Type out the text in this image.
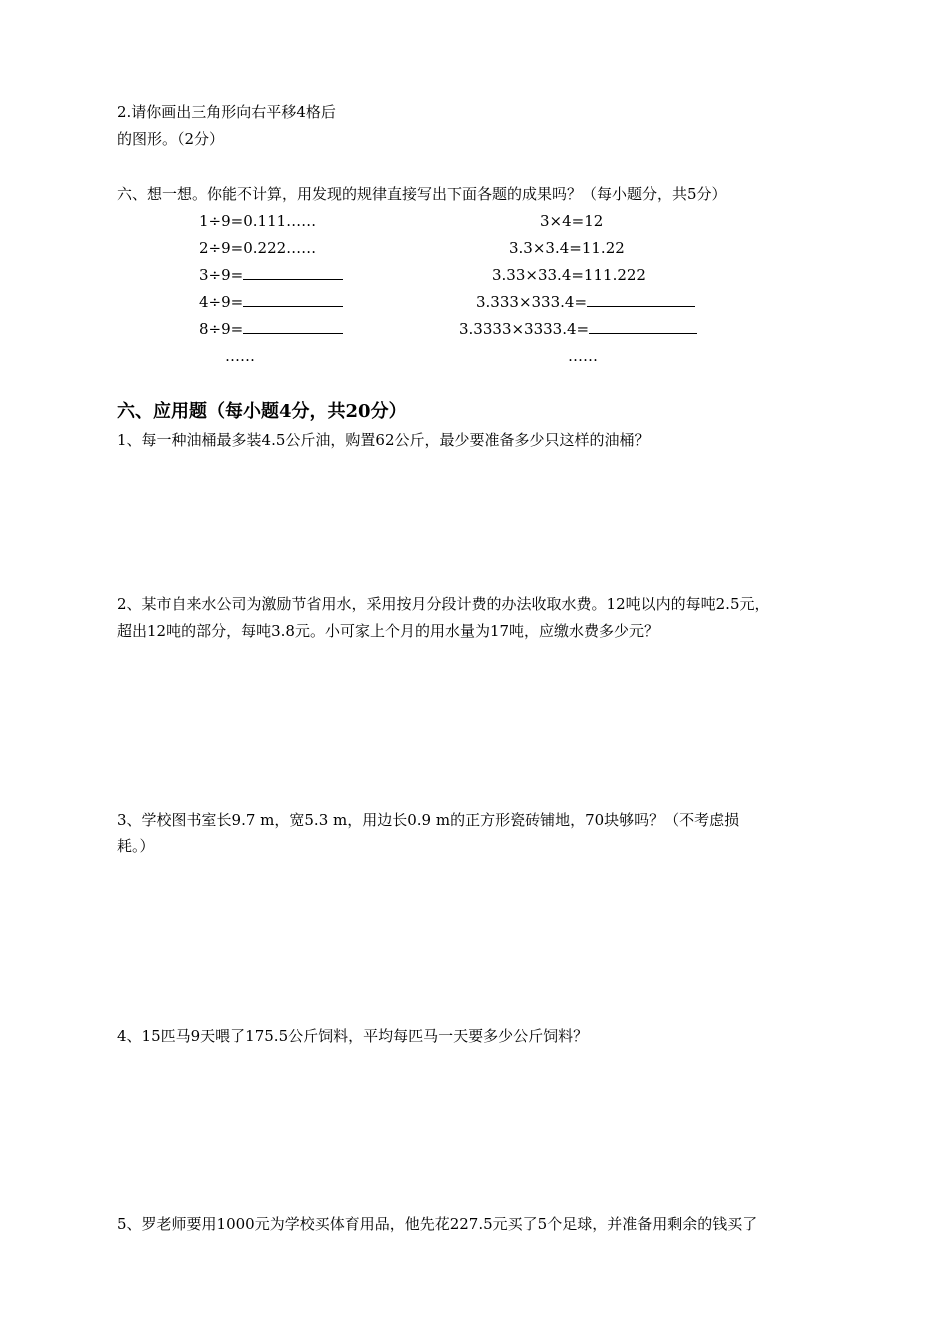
2.请你画出三角形向右平移4格后
的图形。（2分）
六、想一想。你能不计算，用发现的规律直接写出下面各题的成果吗？（每小题分，共5分）
1÷9=0.111……
2÷9=0.222……
3÷9=
4÷9=
8÷9=
……
3×4=12
3.3×3.4=11.22
3.33×33.4=111.222
3.333×333.4=
3.3333×3333.4=
……
六、应用题（每小题4分，共20分）
1、每一种油桶最多装4.5公斤油，购置62公斤，最少要准备多少只这样的油桶？
2、某市自来水公司为激励节省用水，采用按月分段计费的办法收取水费。12吨以内的每吨2.5元，
超出12吨的部分，每吨3.8元。小可家上个月的用水量为17吨，应缴水费多少元？
3、学校图书室长9.7 m，宽5.3 m，用边长0.9 m的正方形瓷砖铺地，70块够吗？（不考虑损
耗。）
4、15匹马9天喂了175.5公斤饲料，平均每匹马一天要多少公斤饲料？
5、罗老师要用1000元为学校买体育用品，他先花227.5元买了5个足球，并准备用剩余的钱买了
